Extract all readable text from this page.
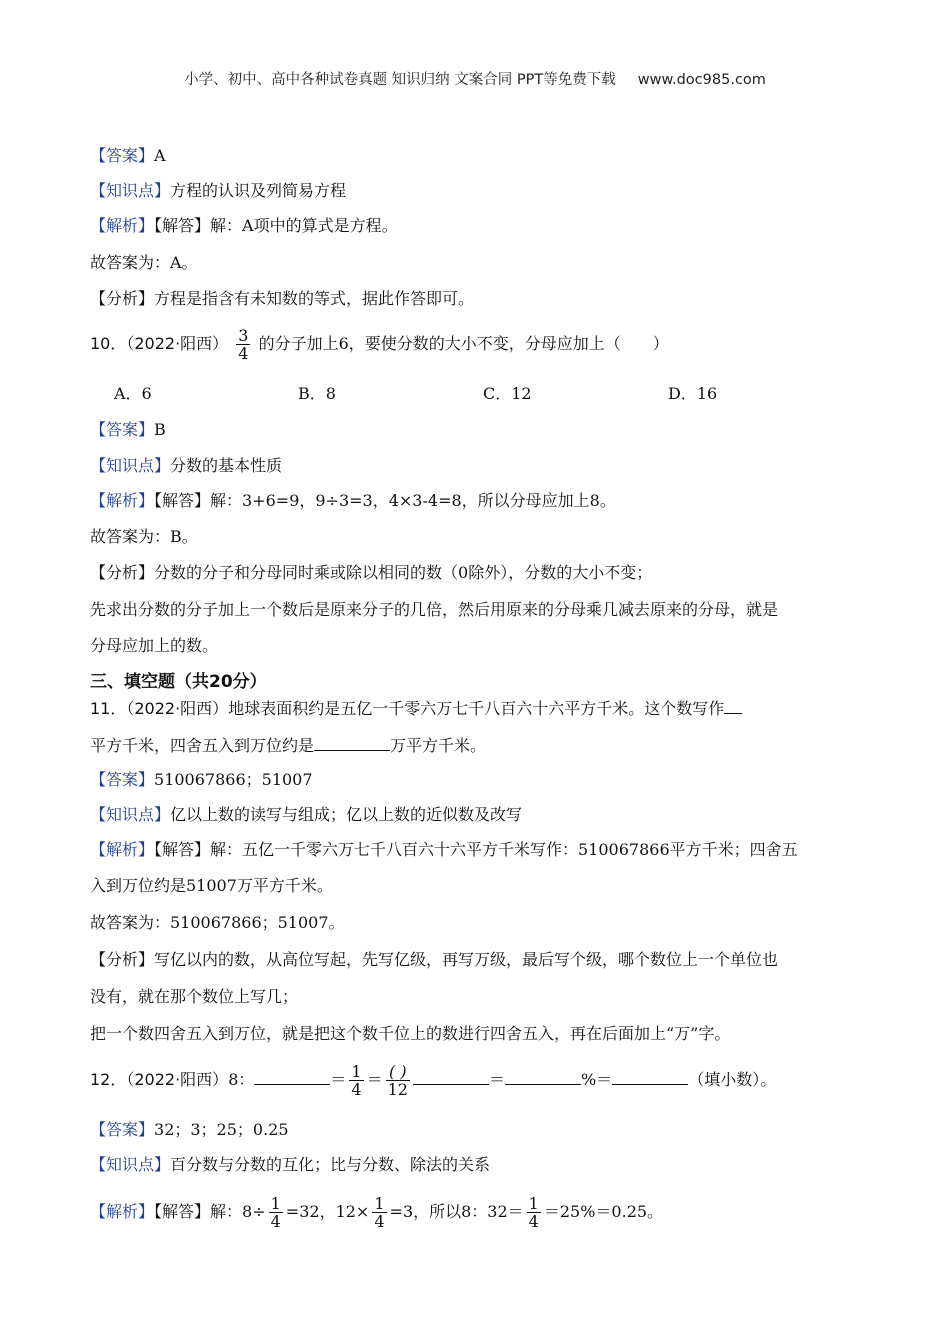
小学、初中、高中各种试卷真题 知识归纳 文案合同 PPT等免费下载 www.doc985.com
【答案】A
【知识点】方程的认识及列简易方程
【解析】【解答】解：A项中的算式是方程。
故答案为：A。
【分析】方程是指含有未知数的等式，据此作答即可。
10．（2022·阳西） $\frac{3}{4}$ 的分子加上6，要使分数的大小不变，分母应加上（　　）
A．6	B．8	C．12	D．16
【答案】B
【知识点】分数的基本性质
【解析】【解答】解：3+6=9，9÷3=3，4×3-4=8，所以分母应加上8。
故答案为：B。
【分析】分数的分子和分母同时乘或除以相同的数（0除外），分数的大小不变；
先求出分数的分子加上一个数后是原来分子的几倍，然后用原来的分母乘几减去原来的分母，就是
分母应加上的数。
三、填空题（共20分）
11．（2022·阳西）地球表面积约是五亿一千零六万七千八百六十六平方千米。这个数写作
平方千米，四舍五入到万位约是	万平方千米。
【答案】510067866；51007
【知识点】亿以上数的读写与组成；亿以上数的近似数及改写
【解析】【解答】解：五亿一千零六万七千八百六十六平方千米写作：510067866平方千米；四舍五
入到万位约是51007万平方千米。
故答案为：510067866；51007。
【分析】写亿以内的数，从高位写起，先写亿级，再写万级，最后写个级，哪个数位上一个单位也
没有，就在那个数位上写几；
把一个数四舍五入到万位，就是把这个数千位上的数进行四舍五入，再在后面加上“万”字。
12．（2022·阳西）8：	＝ $\frac{1}{4} = \frac{( )}{12}$	＝	%＝	（填小数）。
【答案】32；3；25；0.25
【知识点】百分数与分数的互化；比与分数、除法的关系
【解析】【解答】解：$8\div \frac{1}{4} =32$，$12\times \frac{1}{4} =3$，所以8：$32= \frac{1}{4} =25\%=0.25$。
